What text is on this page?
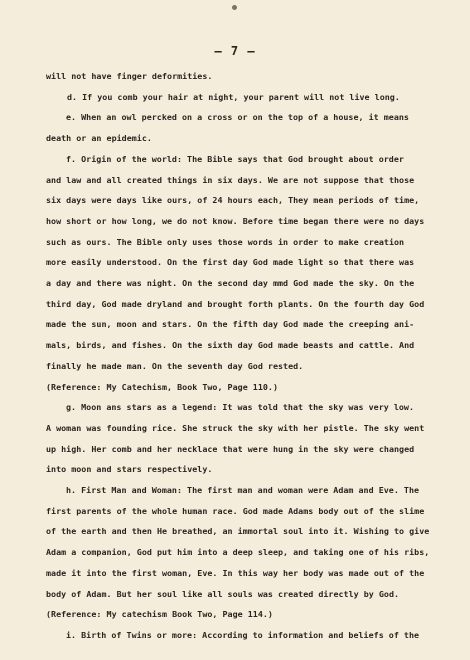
— 7 —
will not have finger deformities.
d. If you comb your hair at night, your parent will not live long.
e. When an owl percked on a cross or on the top of a house, it means
death or an epidemic.
f. Origin of the world: The Bible says that God brought about order
and law and all created things in six days. We are not suppose that those
six days were days like ours, of 24 hours each, They mean periods of time,
how short or how long, we do not know. Before time began there were no days
such as ours. The Bible only uses those words in order to make creation
more easily understood. On the first day God made light so that there was
a day and there was night. On the second day mmd God made the sky. On the
third day, God made dryland and brought forth plants. On the fourth day God
made the sun, moon and stars. On the fifth day God made the creeping ani-
mals, birds, and fishes. On the sixth day God made beasts and cattle. And
finally he made man. On the seventh day God rested.
(Reference: My Catechism, Book Two, Page 110.)
g. Moon ans stars as a legend: It was told that the sky was very low.
A woman was founding rice. She struck the sky with her pistle. The sky went
up high. Her comb and her necklace that were hung in the sky were changed
into moon and stars respectively.
h. First Man and Woman: The first man and woman were Adam and Eve. The
first parents of the whole human race. God made Adams body out of the slime
of the earth and then He breathed, an immortal soul into it. Wishing to give
Adam a companion, God put him into a deep sleep, and taking one of his ribs,
made it into the first woman, Eve. In this way her body was made out of the
body of Adam. But her soul like all souls was created directly by God.
(Reference: My catechism Book Two, Page 114.)
i. Birth of Twins or more: According to information and beliefs of the
